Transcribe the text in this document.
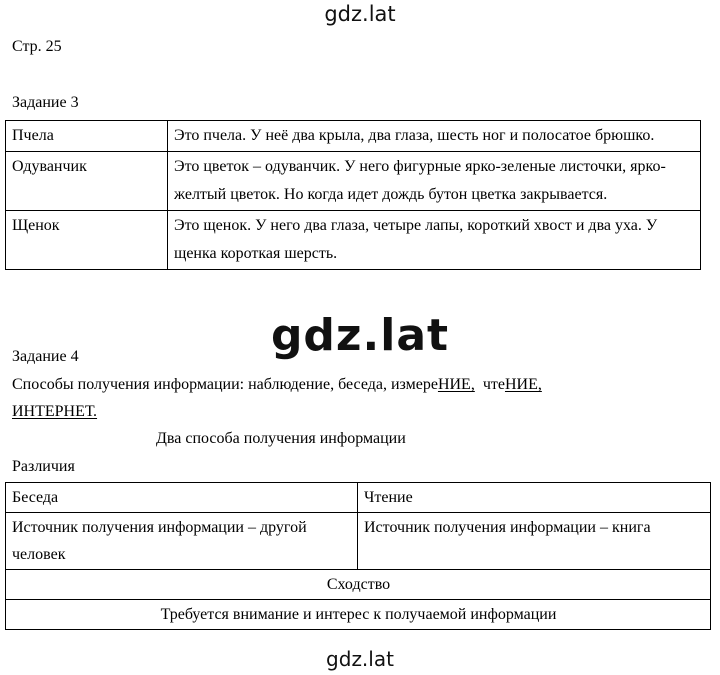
gdz.lat
Стр. 25
Задание 3
Пчела	Это пчела. У неё два крыла, два глаза, шесть ног и полосатое брюшко.
Одуванчик	Это цветок – одуванчик. У него фигурные ярко-зеленые листочки, ярко-желтый цветок. Но когда идет дождь бутон цветка закрывается.
Щенок	Это щенок. У него два глаза, четыре лапы, короткий хвост и два уха. У щенка короткая шерсть.
gdz.lat
Задание 4
Способы получения информации: наблюдение, беседа, измереНИЕ, чтеНИЕ,
ИНТЕРНЕТ.
Два способа получения информации
Различия
Беседа	Чтение
Источник получения информации – другой человек	Источник получения информации – книга
Сходство	
Требуется внимание и интерес к получаемой информации	
gdz.lat
